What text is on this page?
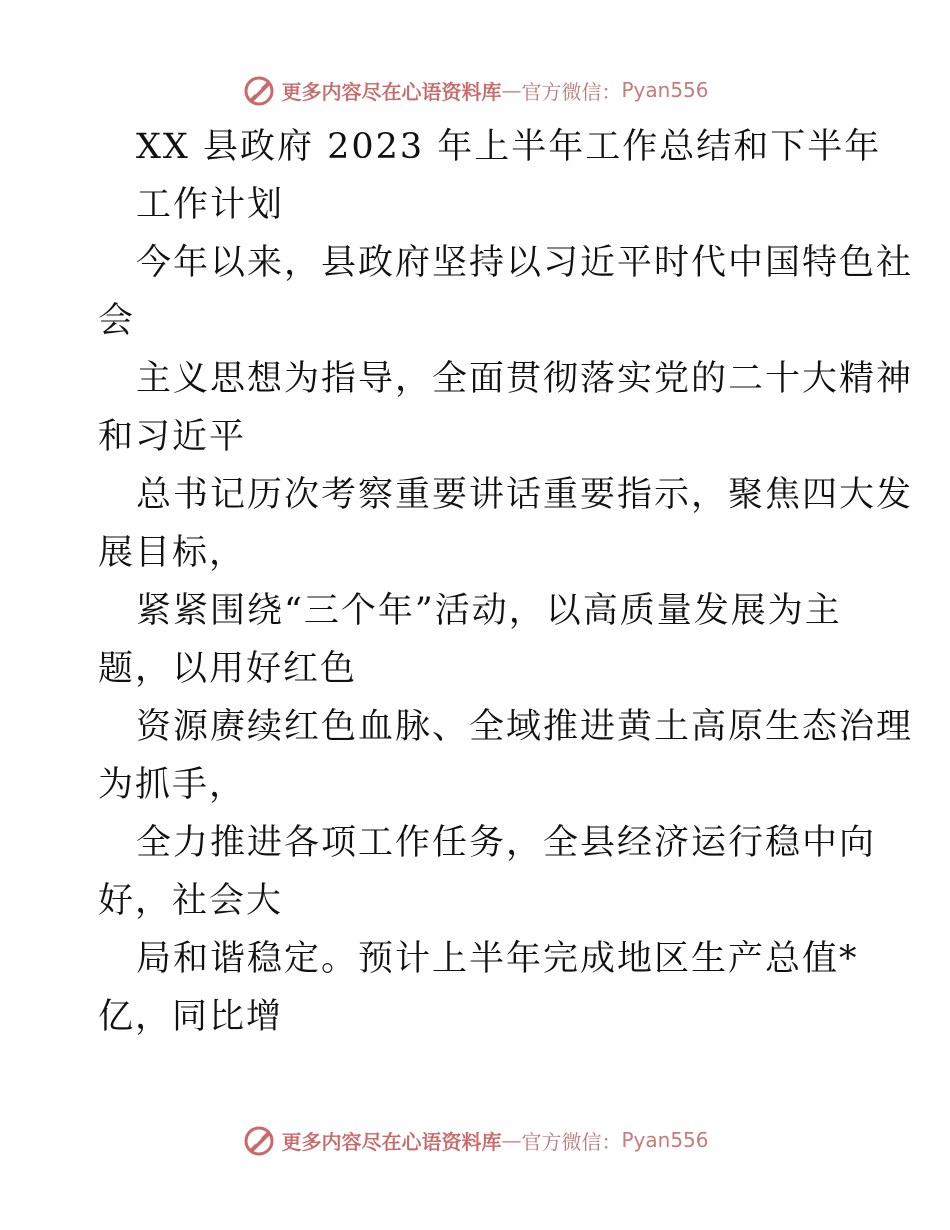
更多内容尽在心语资料库 — 官方微信： Pyan556
XX 县政府 2023 年上半年工作总结和下半年
工作计划
今年以来，县政府坚持以习近平时代中国特色社
会
主义思想为指导，全面贯彻落实党的二十大精神
和习近平
总书记历次考察重要讲话重要指示，聚焦四大发
展目标，
紧紧围绕“三个年”活动，以高质量发展为主
题，以用好红色
资源赓续红色血脉、全域推进黄土高原生态治理
为抓手，
全力推进各项工作任务，全县经济运行稳中向
好，社会大
局和谐稳定。预计上半年完成地区生产总值*
亿，同比增
更多内容尽在心语资料库 — 官方微信： Pyan556
